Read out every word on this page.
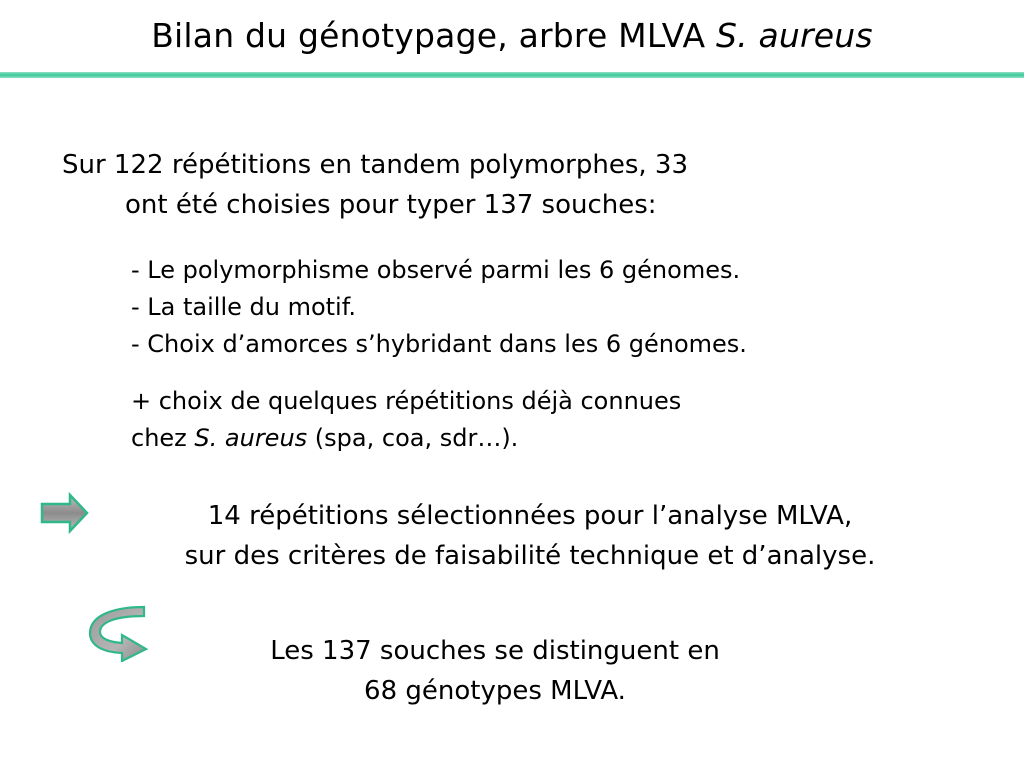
Bilan du génotypage, arbre MLVA S. aureus
Sur 122 répétitions en tandem polymorphes, 33
ont été choisies pour typer 137 souches:
- Le polymorphisme observé parmi les 6 génomes.
- La taille du motif.
- Choix d’amorces s’hybridant dans les 6 génomes.
+ choix de quelques répétitions déjà connues
chez S. aureus (spa, coa, sdr…).
14 répétitions sélectionnées pour l’analyse MLVA,
sur des critères de faisabilité technique et d’analyse.
Les 137 souches se distinguent en
68 génotypes MLVA.
